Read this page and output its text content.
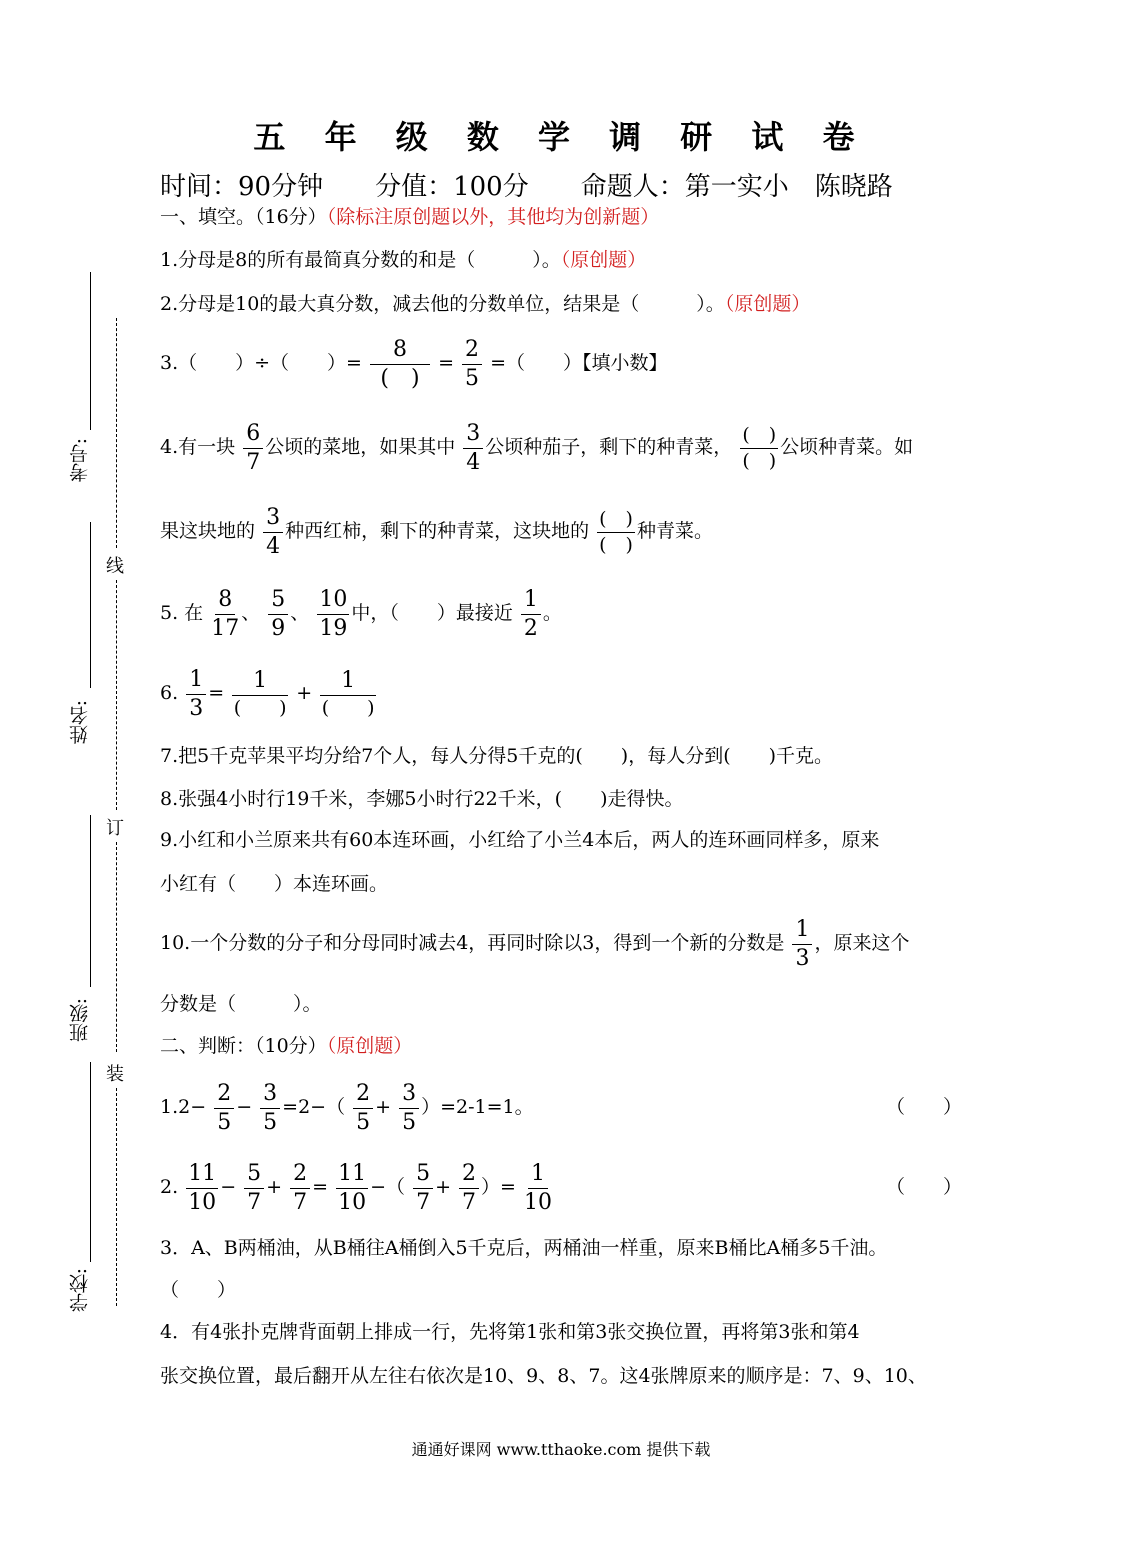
考号:
姓名:
班级:
学校:
线
订
装
五 年 级 数 学 调 研 试 卷
时间：90分钟 分值：100分 命题人：第一实小　陈晓路
一、填空。（16分）（除标注原创题以外，其他均为创新题）
1.分母是8的所有最简真分数的和是（　　　）。（原创题）
2.分母是10的最大真分数，减去他的分数单位，结果是（　　　）。（原创题）
3.（　　）÷（　　）= $\frac{8}{( )} = \frac{2}{5}$ =（　　）【填小数】
4.有一块 $\frac{6}{7}$ 公顷的菜地，如果其中 $\frac{3}{4}$ 公顷种茄子，剩下的种青菜， $\frac{( )}{( )}$ 公顷种青菜。如
果这块地的 $\frac{3}{4}$ 种西红柿，剩下的种青菜，这块地的 $\frac{( )}{( )}$ 种青菜。
5. 在 $\frac{8}{17}$ 、 $\frac{5}{9}$ 、 $\frac{10}{19}$ 中，（　　）最接近 $\frac{1}{2}$ 。
6. $\frac{1}{3} = \frac{1}{( )} + \frac{1}{( )}$
7.把5千克苹果平均分给7个人，每人分得5千克的(　　)，每人分到(　　)千克。
8.张强4小时行19千米，李娜5小时行22千米，(　　)走得快。
9.小红和小兰原来共有60本连环画，小红给了小兰4本后，两人的连环画同样多，原来
小红有（　　）本连环画。
10.一个分数的分子和分母同时减去4，再同时除以3，得到一个新的分数是 $\frac{1}{3}$ ，原来这个
分数是（　　　）。
二、判断：（10分）（原创题）
$1.2- \frac{2}{5} - \frac{3}{5} =2-( \frac{2}{5} + \frac{3}{5} )=2-1=1$。	（　　）
2. $\frac{11}{10} - \frac{5}{7} + \frac{2}{7} = \frac{11}{10}$ −（ $\frac{5}{7} + \frac{2}{7}$ ）= $\frac{1}{10}$	（　　）
3．A、B两桶油，从B桶往A桶倒入5千克后，两桶油一样重，原来B桶比A桶多5千油。
（　　）
4．有4张扑克牌背面朝上排成一行，先将第1张和第3张交换位置，再将第3张和第4
张交换位置，最后翻开从左往右依次是10、9、8、7。这4张牌原来的顺序是：7、9、10、
通通好课网 www.tthaoke.com 提供下载
